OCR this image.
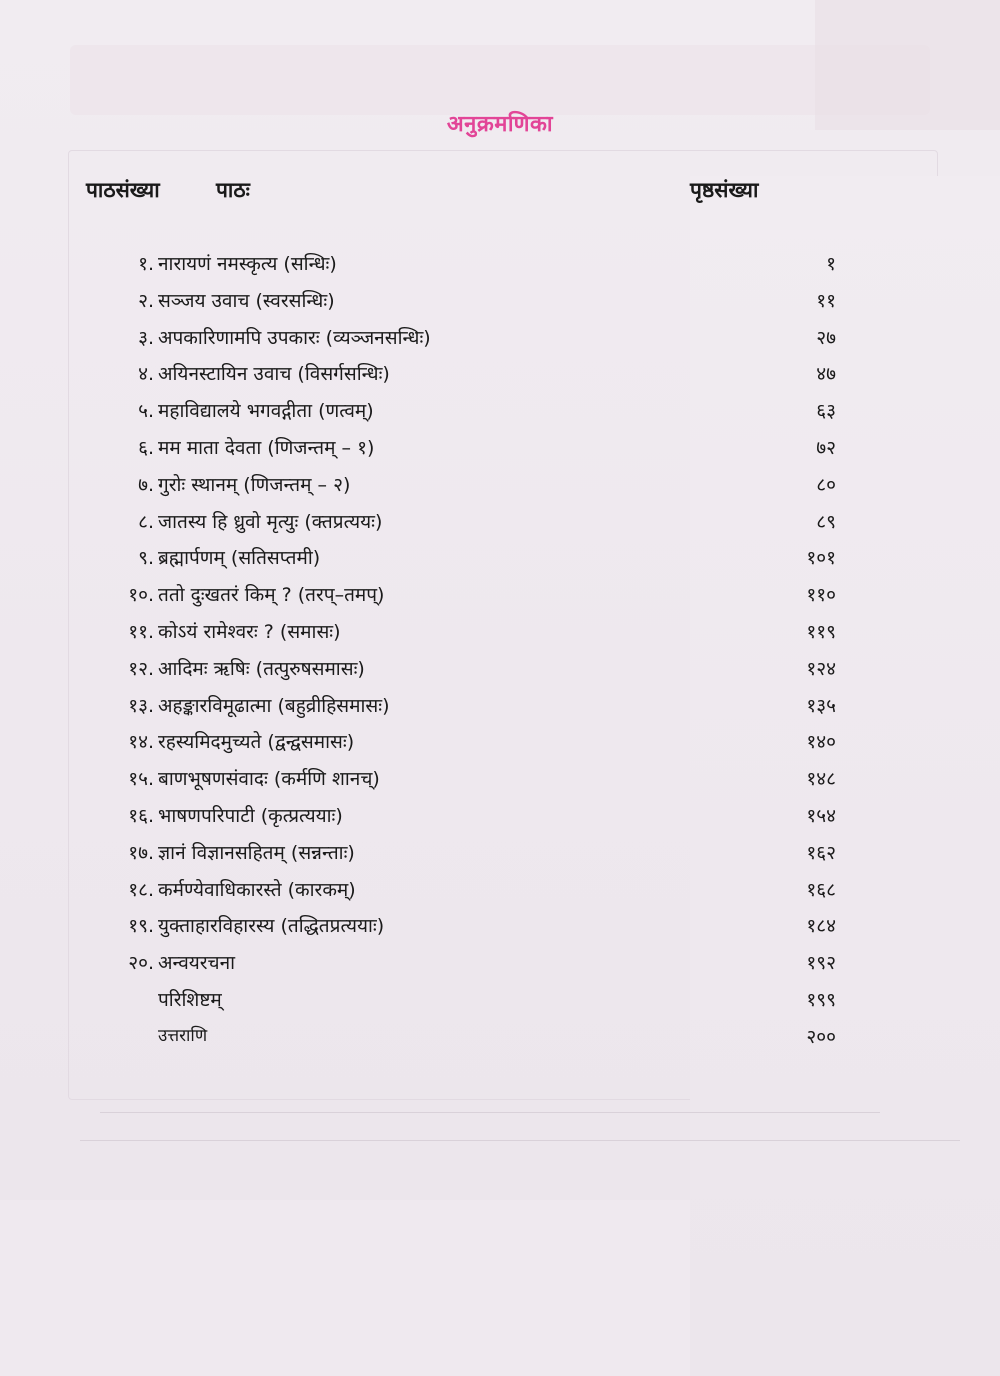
अनुक्रमणिका
पाठसंख्या	पाठः	पृष्ठसंख्या
१. नारायणं नमस्कृत्य (सन्धिः)	१
२. सञ्जय उवाच (स्वरसन्धिः)	११
३. अपकारिणामपि उपकारः (व्यञ्जनसन्धिः)	२७
४. अयिनस्टायिन उवाच (विसर्गसन्धिः)	४७
५. महाविद्यालये भगवद्गीता (णत्वम्)	६३
६. मम माता देवता (णिजन्तम् – १)	७२
७. गुरोः स्थानम् (णिजन्तम् – २)	८०
८. जातस्य हि ध्रुवो मृत्युः (क्तप्रत्ययः)	८९
९. ब्रह्मार्पणम् (सतिसप्तमी)	१०१
१०. ततो दुःखतरं किम् ? (तरप्–तमप्)	११०
११. कोऽयं रामेश्वरः ? (समासः)	११९
१२. आदिमः ऋषिः (तत्पुरुषसमासः)	१२४
१३. अहङ्कारविमूढात्मा (बहुव्रीहिसमासः)	१३५
१४. रहस्यमिदमुच्यते (द्वन्द्वसमासः)	१४०
१५. बाणभूषणसंवादः (कर्मणि शानच्)	१४८
१६. भाषणपरिपाटी (कृत्प्रत्ययाः)	१५४
१७. ज्ञानं विज्ञानसहितम् (सन्नन्ताः)	१६२
१८. कर्मण्येवाधिकारस्ते (कारकम्)	१६८
१९. युक्ताहारविहारस्य (तद्धितप्रत्ययाः)	१८४
२०. अन्वयरचना	१९२
परिशिष्टम्	१९९
उत्तराणि	२००
